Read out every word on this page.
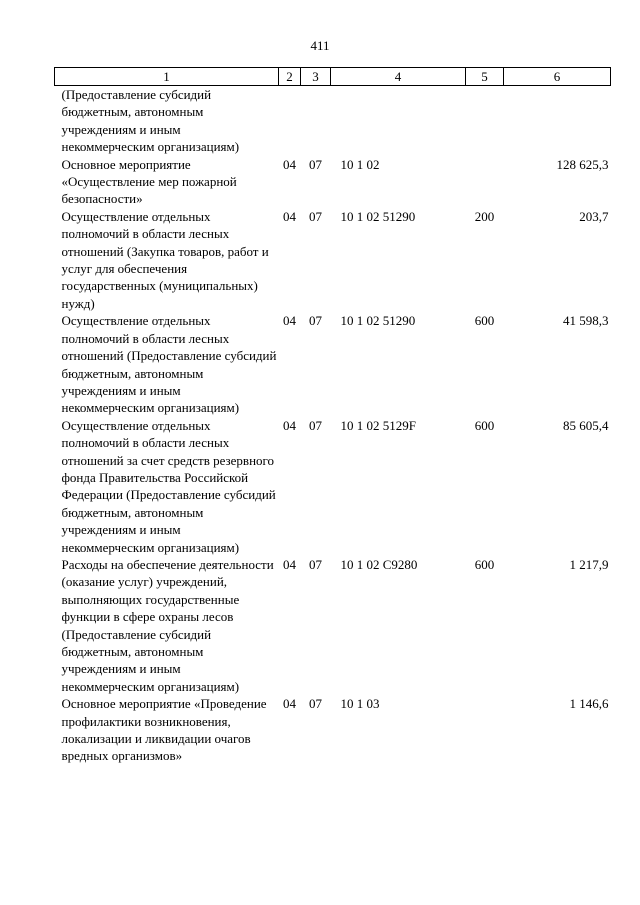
411
1	2	3	4	5	6
(Предоставление субсидий бюджетным, автономным учреждениям и иным некоммерческим организациям)					
Основное мероприятие «Осуществление мер пожарной безопасности»	04	07	10 1 02		128 625,3
Осуществление отдельных полномочий в области лесных отношений (Закупка товаров, работ и услуг для обеспечения государственных (муниципальных) нужд)	04	07	10 1 02 51290	200	203,7
Осуществление отдельных полномочий в области лесных отношений (Предоставление субсидий бюджетным, автономным учреждениям и иным некоммерческим организациям)	04	07	10 1 02 51290	600	41 598,3
Осуществление отдельных полномочий в области лесных отношений за счет средств резервного фонда Правительства Российской Федерации (Предоставление субсидий бюджетным, автономным учреждениям и иным некоммерческим организациям)	04	07	10 1 02 5129F	600	85 605,4
Расходы на обеспечение деятельности (оказание услуг) учреждений, выполняющих государственные функции в сфере охраны лесов (Предоставление субсидий бюджетным, автономным учреждениям и иным некоммерческим организациям)	04	07	10 1 02 С9280	600	1 217,9
Основное мероприятие «Проведение профилактики возникновения, локализации и ликвидации очагов вредных организмов»	04	07	10 1 03		1 146,6
